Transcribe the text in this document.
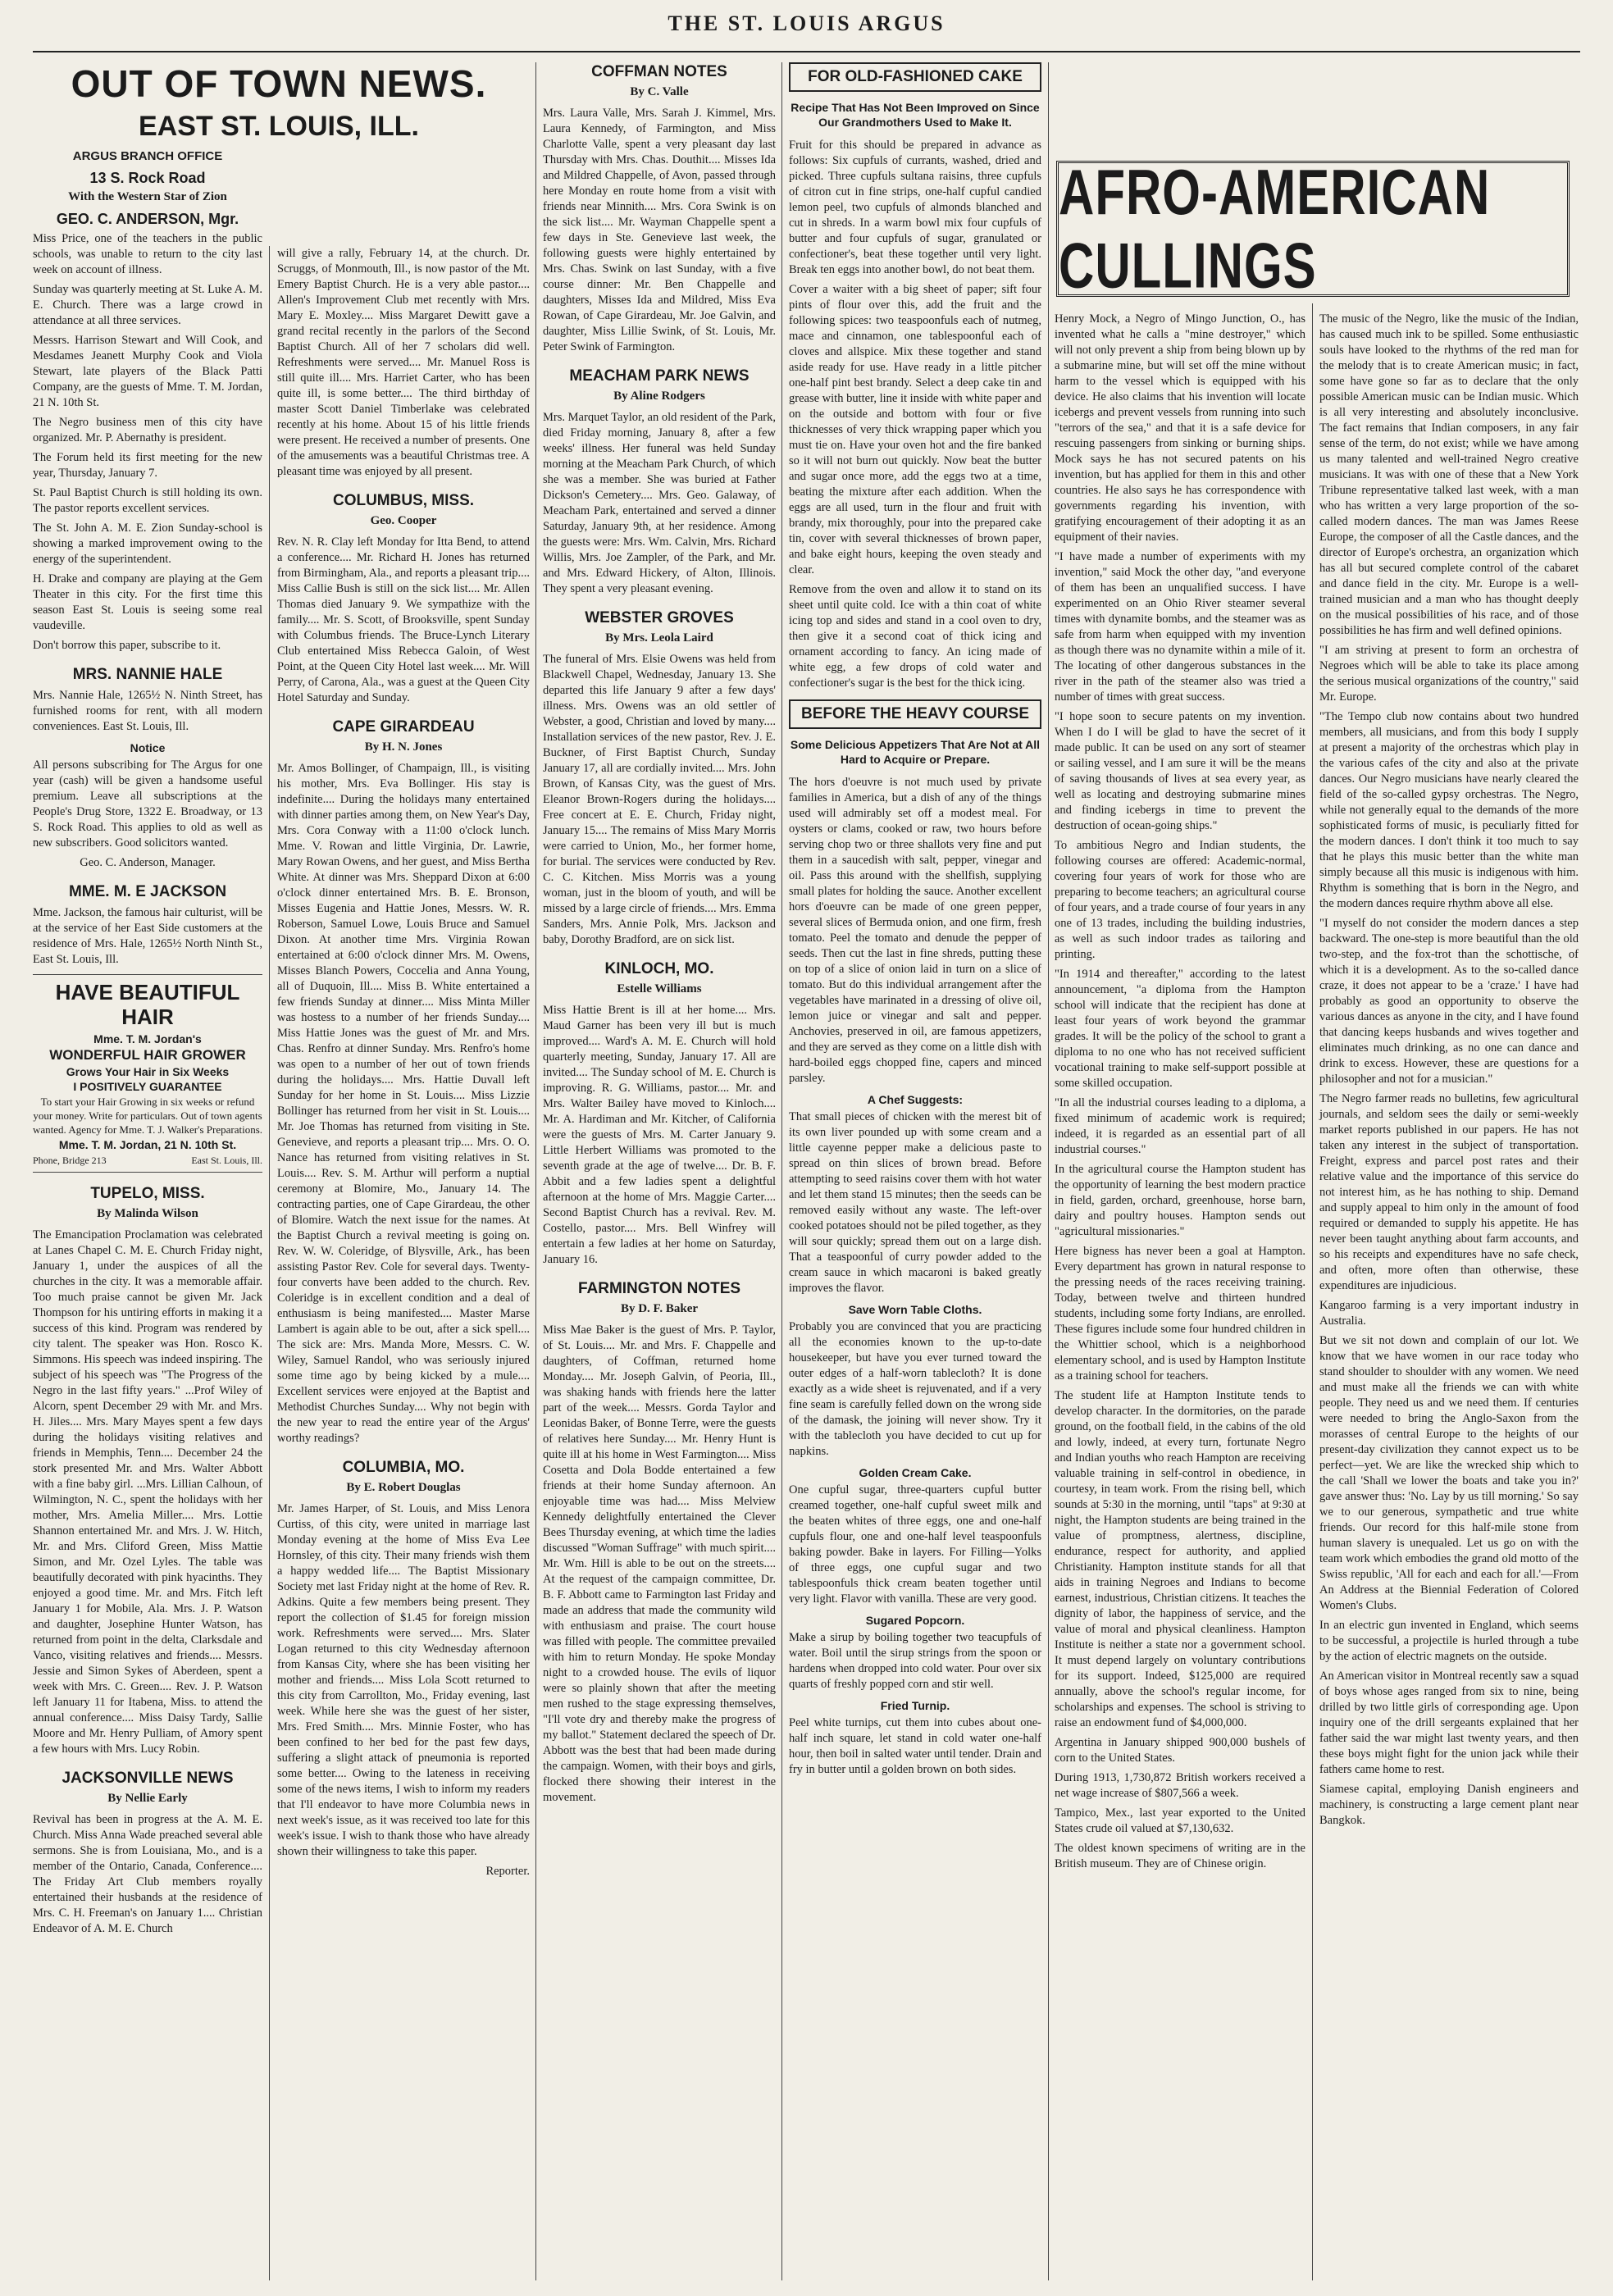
THE ST. LOUIS ARGUS
OUT OF TOWN NEWS.
EAST ST. LOUIS, ILL.
ARGUS BRANCH OFFICE
13 S. Rock Road
With the Western Star of Zion
GEO. C. ANDERSON, Mgr.

Miss Price, one of the teachers in the public schools, was unable to return to the city last week on account of illness.

Sunday was quarterly meeting at St. Luke A. M. E. Church. There was a large crowd in attendance at all three services.

Messrs. Harrison Stewart and Will Cook, and Mesdames Jeanett Murphy Cook and Viola Stewart, late players of the Black Patti Company, are the guests of Mme. T. M. Jordan, 21 N. 10th St.

The Negro business men of this city have organized. Mr. P. Abernathy is president.

The Forum held its first meeting for the new year, Thursday, January 7.

St. Paul Baptist Church is still holding its own. The pastor reports excellent services.

The St. John A. M. E. Zion Sunday-school is showing a marked improvement owing to the energy of the superintendent.

H. Drake and company are playing at the Gem Theater in this city. For the first time this season East St. Louis is seeing some real vaudeville.

Don't borrow this paper, subscribe to it.

MRS. NANNIE HALE

Mrs. Nannie Hale, 1265½ N. Ninth Street, has furnished rooms for rent, with all modern conveniences. East St. Louis, Ill.

Notice

All persons subscribing for The Argus for one year (cash) will be given a handsome useful premium. Leave all subscriptions at the People's Drug Store, 1322 E. Broadway, or 13 S. Rock Road. This applies to old as well as new subscribers. Good solicitors wanted.

Geo. C. Anderson, Manager.

MME. M. E JACKSON

Mme. Jackson, the famous hair culturist, will be at the service of her East Side customers at the residence of Mrs. Hale, 1265½ North Ninth St., East St. Louis, Ill.

HAVE BEAUTIFUL HAIR
Mme. T. M. Jordan's
WONDERFUL HAIR GROWER
Grows Your Hair in Six Weeks
I POSITIVELY GUARANTEE
To start your Hair Growing in six weeks or refund your money. Write for particulars. Out of town agents wanted. Agency for Mme. T. J. Walker's Preparations.
Mme. T. M. Jordan, 21 N. 10th St.
Phone, Bridge 213	East St. Louis, Ill.
TUPELO, MISS.
By Malinda Wilson

The Emancipation Proclamation was celebrated at Lanes Chapel C. M. E. Church Friday night, January 1, under the auspices of all the churches in the city. It was a memorable affair. Too much praise cannot be given Mr. Jack Thompson for his untiring efforts in making it a success of this kind. Program was rendered by city talent. The speaker was Hon. Rosco K. Simmons. His speech was indeed inspiring. The subject of his speech was "The Progress of the Negro in the last fifty years." ...Prof Wiley of Alcorn, spent December 29 with Mr. and Mrs. H. Jiles.... Mrs. Mary Mayes spent a few days during the holidays visiting relatives and friends in Memphis, Tenn.... December 24 the stork presented Mr. and Mrs. Walter Abbott with a fine baby girl. ...Mrs. Lillian Calhoun, of Wilmington, N. C., spent the holidays with her mother, Mrs. Amelia Miller.... Mrs. Lottie Shannon entertained Mr. and Mrs. J. W. Hitch, Mr. and Mrs. Cliford Green, Miss Mattie Simon, and Mr. Ozel Lyles. The table was beautifully decorated with pink hyacinths. They enjoyed a good time. Mr. and Mrs. Fitch left January 1 for Mobile, Ala. Mrs. J. P. Watson and daughter, Josephine Hunter Watson, has returned from point in the delta, Clarksdale and Vanco, visiting relatives and friends.... Messrs. Jessie and Simon Sykes of Aberdeen, spent a week with Mrs. C. Green.... Rev. J. P. Watson left January 11 for Itabena, Miss. to attend the annual conference.... Miss Daisy Tardy, Sallie Moore and Mr. Henry Pulliam, of Amory spent a few hours with Mrs. Lucy Robin.

JACKSONVILLE NEWS
By Nellie Early

Revival has been in progress at the A. M. E. Church. Miss Anna Wade preached several able sermons. She is from Louisiana, Mo., and is a member of the Ontario, Canada, Conference.... The Friday Art Club members royally entertained their husbands at the residence of Mrs. C. H. Freeman's on January 1.... Christian Endeavor of A. M. E. Church

will give a rally, February 14, at the church. Dr. Scruggs, of Monmouth, Ill., is now pastor of the Mt. Emery Baptist Church. He is a very able pastor.... Allen's Improvement Club met recently with Mrs. Mary E. Moxley.... Miss Margaret Dewitt gave a grand recital recently in the parlors of the Second Baptist Church. All of her 7 scholars did well. Refreshments were served.... Mr. Manuel Ross is still quite ill.... Mrs. Harriet Carter, who has been quite ill, is some better.... The third birthday of master Scott Daniel Timberlake was celebrated recently at his home. About 15 of his little friends were present. He received a number of presents. One of the amusements was a beautiful Christmas tree. A pleasant time was enjoyed by all present.

COLUMBUS, MISS.
Geo. Cooper

Rev. N. R. Clay left Monday for Itta Bend, to attend a conference.... Mr. Richard H. Jones has returned from Birmingham, Ala., and reports a pleasant trip.... Miss Callie Bush is still on the sick list.... Mr. Allen Thomas died January 9. We sympathize with the family.... Mr. S. Scott, of Brooksville, spent Sunday with Columbus friends. The Bruce-Lynch Literary Club entertained Miss Rebecca Galoin, of West Point, at the Queen City Hotel last week.... Mr. Will Perry, of Carona, Ala., was a guest at the Queen City Hotel Saturday and Sunday.

CAPE GIRARDEAU
By H. N. Jones

Mr. Amos Bollinger, of Champaign, Ill., is visiting his mother, Mrs. Eva Bollinger. His stay is indefinite.... During the holidays many entertained with dinner parties among them, on New Year's Day, Mrs. Cora Conway with a 11:00 o'clock lunch. Mme. V. Rowan and little Virginia, Dr. Lawrie, Mary Rowan Owens, and her guest, and Miss Bertha White. At dinner was Mrs. Sheppard Dixon at 6:00 o'clock dinner entertained Mrs. B. E. Bronson, Misses Eugenia and Hattie Jones, Messrs. W. R. Roberson, Samuel Lowe, Louis Bruce and Samuel Dixon. At another time Mrs. Virginia Rowan entertained at 6:00 o'clock dinner Mrs. M. Owens, Misses Blanch Powers, Coccelia and Anna Young, all of Duquoin, Ill.... Miss B. White entertained a few friends Sunday at dinner.... Miss Minta Miller was hostess to a number of her friends Sunday.... Miss Hattie Jones was the guest of Mr. and Mrs. Chas. Renfro at dinner Sunday. Mrs. Renfro's home was open to a number of her out of town friends during the holidays.... Mrs. Hattie Duvall left Sunday for her home in St. Louis.... Miss Lizzie Bollinger has returned from her visit in St. Louis.... Mr. Joe Thomas has returned from visiting in Ste. Genevieve, and reports a pleasant trip.... Mrs. O. O. Nance has returned from visiting relatives in St. Louis.... Rev. S. M. Arthur will perform a nuptial ceremony at Blomire, Mo., January 14. The contracting parties, one of Cape Girardeau, the other of Blomire. Watch the next issue for the names. At the Baptist Church a revival meeting is going on. Rev. W. W. Coleridge, of Blysville, Ark., has been assisting Pastor Rev. Cole for several days. Twenty-four converts have been added to the church. Rev. Coleridge is in excellent condition and a deal of enthusiasm is being manifested.... Master Marse Lambert is again able to be out, after a sick spell.... The sick are: Mrs. Manda More, Messrs. C. W. Wiley, Samuel Randol, who was seriously injured some time ago by being kicked by a mule.... Excellent services were enjoyed at the Baptist and Methodist Churches Sunday.... Why not begin with the new year to read the entire year of the Argus' worthy readings?

COLUMBIA, MO.
By E. Robert Douglas

Mr. James Harper, of St. Louis, and Miss Lenora Curtiss, of this city, were united in marriage last Monday evening at the home of Miss Eva Lee Hornsley, of this city. Their many friends wish them a happy wedded life.... The Baptist Missionary Society met last Friday night at the home of Rev. R. Adkins. Quite a few members being present. They report the collection of $1.45 for foreign mission work. Refreshments were served.... Mrs. Slater Logan returned to this city Wednesday afternoon from Kansas City, where she has been visiting her mother and friends.... Miss Lola Scott returned to this city from Carrollton, Mo., Friday evening, last week. While here she was the guest of her sister, Mrs. Fred Smith.... Mrs. Minnie Foster, who has been confined to her bed for the past few days, suffering a slight attack of pneumonia is reported some better.... Owing to the lateness in receiving some of the news items, I wish to inform my readers that I'll endeavor to have more Columbia news in next week's issue, as it was received too late for this week's issue. I wish to thank those who have already shown their willingness to take this paper.

Reporter.

COFFMAN NOTES
By C. Valle

Mrs. Laura Valle, Mrs. Sarah J. Kimmel, Mrs. Laura Kennedy, of Farmington, and Miss Charlotte Valle, spent a very pleasant day last Thursday with Mrs. Chas. Douthit.... Misses Ida and Mildred Chappelle, of Avon, passed through here Monday en route home from a visit with friends near Minnith.... Mrs. Cora Swink is on the sick list.... Mr. Wayman Chappelle spent a few days in Ste. Genevieve last week, the following guests were highly entertained by Mrs. Chas. Swink on last Sunday, with a five course dinner: Mr. Ben Chappelle and daughters, Misses Ida and Mildred, Miss Eva Rowan, of Cape Girardeau, Mr. Joe Galvin, and daughter, Miss Lillie Swink, of St. Louis, Mr. Peter Swink of Farmington.

MEACHAM PARK NEWS
By Aline Rodgers

Mrs. Marquet Taylor, an old resident of the Park, died Friday morning, January 8, after a few weeks' illness. Her funeral was held Sunday morning at the Meacham Park Church, of which she was a member. She was buried at Father Dickson's Cemetery.... Mrs. Geo. Galaway, of Meacham Park, entertained and served a dinner Saturday, January 9th, at her residence. Among the guests were: Mrs. Wm. Calvin, Mrs. Richard Willis, Mrs. Joe Zampler, of the Park, and Mr. and Mrs. Edward Hickery, of Alton, Illinois. They spent a very pleasant evening.

WEBSTER GROVES
By Mrs. Leola Laird

The funeral of Mrs. Elsie Owens was held from Blackwell Chapel, Wednesday, January 13. She departed this life January 9 after a few days' illness. Mrs. Owens was an old settler of Webster, a good, Christian and loved by many.... Installation services of the new pastor, Rev. J. E. Buckner, of First Baptist Church, Sunday January 17, all are cordially invited.... Mrs. John Brown, of Kansas City, was the guest of Mrs. Eleanor Brown-Rogers during the holidays.... Free concert at E. E. Church, Friday night, January 15.... The remains of Miss Mary Morris were carried to Union, Mo., her former home, for burial. The services were conducted by Rev. C. C. Kitchen. Miss Morris was a young woman, just in the bloom of youth, and will be missed by a large circle of friends.... Mrs. Emma Sanders, Mrs. Annie Polk, Mrs. Jackson and baby, Dorothy Bradford, are on sick list.

KINLOCH, MO.
Estelle Williams

Miss Hattie Brent is ill at her home.... Mrs. Maud Garner has been very ill but is much improved.... Ward's A. M. E. Church will hold quarterly meeting, Sunday, January 17. All are invited.... The Sunday school of M. E. Church is improving. R. G. Williams, pastor.... Mr. and Mrs. Walter Bailey have moved to Kinloch.... Mr. A. Hardiman and Mr. Kitcher, of California were the guests of Mrs. M. Carter January 9. Little Herbert Williams was promoted to the seventh grade at the age of twelve.... Dr. B. F. Abbit and a few ladies spent a delightful afternoon at the home of Mrs. Maggie Carter.... Second Baptist Church has a revival. Rev. M. Costello, pastor.... Mrs. Bell Winfrey will entertain a few ladies at her home on Saturday, January 16.

FARMINGTON NOTES
By D. F. Baker

Miss Mae Baker is the guest of Mrs. P. Taylor, of St. Louis.... Mr. and Mrs. F. Chappelle and daughters, of Coffman, returned home Monday.... Mr. Joseph Galvin, of Peoria, Ill., was shaking hands with friends here the latter part of the week.... Messrs. Gorda Taylor and Leonidas Baker, of Bonne Terre, were the guests of relatives here Sunday.... Mr. Henry Hunt is quite ill at his home in West Farmington.... Miss Cosetta and Dola Bodde entertained a few friends at their home Sunday afternoon. An enjoyable time was had.... Miss Melview Kennedy delightfully entertained the Clever Bees Thursday evening, at which time the ladies discussed "Woman Suffrage" with much spirit.... Mr. Wm. Hill is able to be out on the streets.... At the request of the campaign committee, Dr. B. F. Abbott came to Farmington last Friday and made an address that made the community wild with enthusiasm and praise. The court house was filled with people. The committee prevailed with him to return Monday. He spoke Monday night to a crowded house. The evils of liquor were so plainly shown that after the meeting men rushed to the stage expressing themselves, "I'll vote dry and thereby make the progress of my ballot." Statement declared the speech of Dr. Abbott was the best that had been made during the campaign. Women, with their boys and girls, flocked there showing their interest in the movement.

FOR OLD-FASHIONED CAKE
Recipe That Has Not Been Improved on Since Our Grandmothers Used to Make It.

Fruit for this should be prepared in advance as follows: Six cupfuls of currants, washed, dried and picked. Three cupfuls sultana raisins, three cupfuls of citron cut in fine strips, one-half cupful candied lemon peel, two cupfuls of almonds blanched and cut in shreds. In a warm bowl mix four cupfuls of butter and four cupfuls of sugar, granulated or confectioner's, beat these together until very light. Break ten eggs into another bowl, do not beat them.

Cover a waiter with a big sheet of paper; sift four pints of flour over this, add the fruit and the following spices: two teaspoonfuls each of nutmeg, mace and cinnamon, one tablespoonful each of cloves and allspice. Mix these together and stand aside ready for use. Have ready in a little pitcher one-half pint best brandy. Select a deep cake tin and grease with butter, line it inside with white paper and on the outside and bottom with four or five thicknesses of very thick wrapping paper which you must tie on. Have your oven hot and the fire banked so it will not burn out quickly. Now beat the butter and sugar once more, add the eggs two at a time, beating the mixture after each addition. When the eggs are all used, turn in the flour and fruit with brandy, mix thoroughly, pour into the prepared cake tin, cover with several thicknesses of brown paper, and bake eight hours, keeping the oven steady and clear.

Remove from the oven and allow it to stand on its sheet until quite cold. Ice with a thin coat of white icing top and sides and stand in a cool oven to dry, then give it a second coat of thick icing and ornament according to fancy. An icing made of white egg, a few drops of cold water and confectioner's sugar is the best for the thick icing.

BEFORE THE HEAVY COURSE
Some Delicious Appetizers That Are Not at All Hard to Acquire or Prepare.

The hors d'oeuvre is not much used by private families in America, but a dish of any of the things used will admirably set off a modest meal. For oysters or clams, cooked or raw, two hours before serving chop two or three shallots very fine and put them in a saucedish with salt, pepper, vinegar and oil. Pass this around with the shellfish, supplying small plates for holding the sauce. Another excellent hors d'oeuvre can be made of one green pepper, several slices of Bermuda onion, and one firm, fresh tomato. Peel the tomato and denude the pepper of seeds. Then cut the last in fine shreds, putting these on top of a slice of onion laid in turn on a slice of tomato. But do this individual arrangement after the vegetables have marinated in a dressing of olive oil, lemon juice or vinegar and salt and pepper. Anchovies, preserved in oil, are famous appetizers, and they are served as they come on a little dish with hard-boiled eggs chopped fine, capers and minced parsley.

A Chef Suggests:

That small pieces of chicken with the merest bit of its own liver pounded up with some cream and a little cayenne pepper make a delicious paste to spread on thin slices of brown bread. Before attempting to seed raisins cover them with hot water and let them stand 15 minutes; then the seeds can be removed easily without any waste. The left-over cooked potatoes should not be piled together, as they will sour quickly; spread them out on a large dish. That a teaspoonful of curry powder added to the cream sauce in which macaroni is baked greatly improves the flavor.

Save Worn Table Cloths.

Probably you are convinced that you are practicing all the economies known to the up-to-date housekeeper, but have you ever turned toward the outer edges of a half-worn tablecloth? It is done exactly as a wide sheet is rejuvenated, and if a very fine seam is carefully felled down on the wrong side of the damask, the joining will never show. Try it with the tablecloth you have decided to cut up for napkins.

Golden Cream Cake.

One cupful sugar, three-quarters cupful butter creamed together, one-half cupful sweet milk and the beaten whites of three eggs, one and one-half cupfuls flour, one and one-half level teaspoonfuls baking powder. Bake in layers. For Filling—Yolks of three eggs, one cupful sugar and two tablespoonfuls thick cream beaten together until very light. Flavor with vanilla. These are very good.

Sugared Popcorn.

Make a sirup by boiling together two teacupfuls of water. Boil until the sirup strings from the spoon or hardens when dropped into cold water. Pour over six quarts of freshly popped corn and stir well.

Fried Turnip.

Peel white turnips, cut them into cubes about one-half inch square, let stand in cold water one-half hour, then boil in salted water until tender. Drain and fry in butter until a golden brown on both sides.

AFRO-AMERICAN CULLINGS

Henry Mock, a Negro of Mingo Junction, O., has invented what he calls a "mine destroyer," which will not only prevent a ship from being blown up by a submarine mine, but will set off the mine without harm to the vessel which is equipped with his device. He also claims that his invention will locate icebergs and prevent vessels from running into such "terrors of the sea," and that it is a safe device for rescuing passengers from sinking or burning ships. Mock says he has not secured patents on his invention, but has applied for them in this and other countries. He also says he has correspondence with governments regarding his invention, with gratifying encouragement of their adopting it as an equipment of their navies.

"I have made a number of experiments with my invention," said Mock the other day, "and everyone of them has been an unqualified success. I have experimented on an Ohio River steamer several times with dynamite bombs, and the steamer was as safe from harm when equipped with my invention as though there was no dynamite within a mile of it. The locating of other dangerous substances in the river in the path of the steamer also was tried a number of times with great success.

"I hope soon to secure patents on my invention. When I do I will be glad to have the secret of it made public. It can be used on any sort of steamer or sailing vessel, and I am sure it will be the means of saving thousands of lives at sea every year, as well as locating and destroying submarine mines and finding icebergs in time to prevent the destruction of ocean-going ships."

To ambitious Negro and Indian students, the following courses are offered: Academic-normal, covering four years of work for those who are preparing to become teachers; an agricultural course of four years, and a trade course of four years in any one of 13 trades, including the building industries, as well as such indoor trades as tailoring and printing.

"In 1914 and thereafter," according to the latest announcement, "a diploma from the Hampton school will indicate that the recipient has done at least four years of work beyond the grammar grades. It will be the policy of the school to grant a diploma to no one who has not received sufficient vocational training to make self-support possible at some skilled occupation.

"In all the industrial courses leading to a diploma, a fixed minimum of academic work is required; indeed, it is regarded as an essential part of all industrial courses."

In the agricultural course the Hampton student has the opportunity of learning the best modern practice in field, garden, orchard, greenhouse, horse barn, dairy and poultry houses. Hampton sends out "agricultural missionaries."

Here bigness has never been a goal at Hampton. Every department has grown in natural response to the pressing needs of the races receiving training. Today, between twelve and thirteen hundred students, including some forty Indians, are enrolled. These figures include some four hundred children in the Whittier school, which is a neighborhood elementary school, and is used by Hampton Institute as a training school for teachers.

The student life at Hampton Institute tends to develop character. In the dormitories, on the parade ground, on the football field, in the cabins of the old and lowly, indeed, at every turn, fortunate Negro and Indian youths who reach Hampton are receiving valuable training in self-control in obedience, in courtesy, in team work. From the rising bell, which sounds at 5:30 in the morning, until "taps" at 9:30 at night, the Hampton students are being trained in the value of promptness, alertness, discipline, endurance, respect for authority, and applied Christianity. Hampton institute stands for all that aids in training Negroes and Indians to become earnest, industrious, Christian citizens. It teaches the dignity of labor, the happiness of service, and the value of moral and physical cleanliness. Hampton Institute is neither a state nor a government school. It must depend largely on voluntary contributions for its support. Indeed, $125,000 are required annually, above the school's regular income, for scholarships and expenses. The school is striving to raise an endowment fund of $4,000,000.

Argentina in January shipped 900,000 bushels of corn to the United States.

During 1913, 1,730,872 British workers received a net wage increase of $807,566 a week.

Tampico, Mex., last year exported to the United States crude oil valued at $7,130,632.

The oldest known specimens of writing are in the British museum. They are of Chinese origin.

The music of the Negro, like the music of the Indian, has caused much ink to be spilled. Some enthusiastic souls have looked to the rhythms of the red man for the melody that is to create American music; in fact, some have gone so far as to declare that the only possible American music can be Indian music. Which is all very interesting and absolutely inconclusive. The fact remains that Indian composers, in any fair sense of the term, do not exist; while we have among us many talented and well-trained Negro creative musicians. It was with one of these that a New York Tribune representative talked last week, with a man who has written a very large proportion of the so-called modern dances. The man was James Reese Europe, the composer of all the Castle dances, and the director of Europe's orchestra, an organization which has all but secured complete control of the cabaret and dance field in the city. Mr. Europe is a well-trained musician and a man who has thought deeply on the musical possibilities of his race, and of those possibilities he has firm and well defined opinions.

"I am striving at present to form an orchestra of Negroes which will be able to take its place among the serious musical organizations of the country," said Mr. Europe.

"The Tempo club now contains about two hundred members, all musicians, and from this body I supply at present a majority of the orchestras which play in the various cafes of the city and also at the private dances. Our Negro musicians have nearly cleared the field of the so-called gypsy orchestras. The Negro, while not generally equal to the demands of the more sophisticated forms of music, is peculiarly fitted for the modern dances. I don't think it too much to say that he plays this music better than the white man simply because all this music is indigenous with him. Rhythm is something that is born in the Negro, and the modern dances require rhythm above all else.

"I myself do not consider the modern dances a step backward. The one-step is more beautiful than the old two-step, and the fox-trot than the schottische, of which it is a development. As to the so-called dance craze, it does not appear to be a 'craze.' I have had probably as good an opportunity to observe the various dances as anyone in the city, and I have found that dancing keeps husbands and wives together and eliminates much drinking, as no one can dance and drink to excess. However, these are questions for a philosopher and not for a musician."

The Negro farmer reads no bulletins, few agricultural journals, and seldom sees the daily or semi-weekly market reports published in our papers. He has not taken any interest in the subject of transportation. Freight, express and parcel post rates and their relative value and the importance of this service do not interest him, as he has nothing to ship. Demand and supply appeal to him only in the amount of food required or demanded to supply his appetite. He has never been taught anything about farm accounts, and so his receipts and expenditures have no safe check, and often, more often than otherwise, these expenditures are injudicious.

Kangaroo farming is a very important industry in Australia.

But we sit not down and complain of our lot. We know that we have women in our race today who stand shoulder to shoulder with any women. We need and must make all the friends we can with white people. They need us and we need them. If centuries were needed to bring the Anglo-Saxon from the morasses of central Europe to the heights of our present-day civilization they cannot expect us to be perfect—yet. We are like the wrecked ship which to the call 'Shall we lower the boats and take you in?' gave answer thus: 'No. Lay by us till morning.' So say we to our generous, sympathetic and true white friends. Our record for this half-mile stone from human slavery is unequaled. Let us go on with the team work which embodies the grand old motto of the Swiss republic, 'All for each and each for all.'—From An Address at the Biennial Federation of Colored Women's Clubs.

In an electric gun invented in England, which seems to be successful, a projectile is hurled through a tube by the action of electric magnets on the outside.

An American visitor in Montreal recently saw a squad of boys whose ages ranged from six to nine, being drilled by two little girls of corresponding age. Upon inquiry one of the drill sergeants explained that her father said the war might last twenty years, and then these boys might fight for the union jack while their fathers came home to rest.

Siamese capital, employing Danish engineers and machinery, is constructing a large cement plant near Bangkok.
